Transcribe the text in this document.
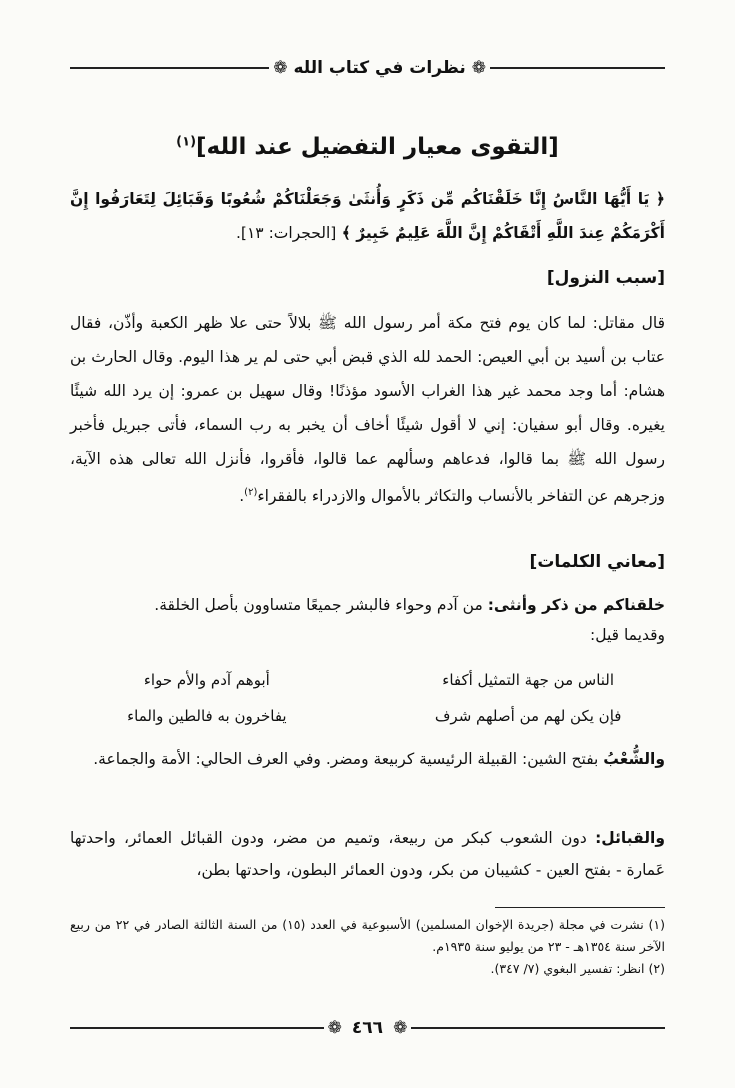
❁
نظرات في كتاب الله
❁
[التقوى معيار التفضيل عند الله]$^{(١)}$
﴿ يَا أَيُّهَا النَّاسُ إِنَّا خَلَقْنَاكُم مِّن ذَكَرٍ وَأُنثَىٰ وَجَعَلْنَاكُمْ شُعُوبًا وَقَبَائِلَ لِتَعَارَفُوا إِنَّ أَكْرَمَكُمْ عِندَ اللَّهِ أَتْقَاكُمْ إِنَّ اللَّهَ عَلِيمٌ خَبِيرٌ ﴾ [الحجرات: ١٣].
[سبب النزول]
قال مقاتل: لما كان يوم فتح مكة أمر رسول الله ﷺ بلالاً حتى علا ظهر الكعبة وأذّن، فقال عتاب بن أسيد بن أبي العيص: الحمد لله الذي قبض أبي حتى لم ير هذا اليوم. وقال الحارث بن هشام: أما وجد محمد غير هذا الغراب الأسود مؤذنًا! وقال سهيل بن عمرو: إن يرد الله شيئًا يغيره. وقال أبو سفيان: إني لا أقول شيئًا أخاف أن يخبر به رب السماء، فأتى جبريل فأخبر رسول الله ﷺ بما قالوا، فدعاهم وسألهم عما قالوا، فأقروا، فأنزل الله تعالى هذه الآية، وزجرهم عن التفاخر بالأنساب والتكاثر بالأموال والازدراء بالفقراء$^{(٢)}$.
[معاني الكلمات]
خلقناكم من ذكر وأنثى: من آدم وحواء فالبشر جميعًا متساوون بأصل الخلقة.
وقديما قيل:
الناس من جهة التمثيل أكفاء
أبوهم آدم والأم حواء
فإن يكن لهم من أصلهم شرف
يفاخرون به فالطين والماء
والشُّعْبُ بفتح الشين: القبيلة الرئيسية كربيعة ومضر. وفي العرف الحالي: الأمة والجماعة.
والقبائل: دون الشعوب كبكر من ربيعة، وتميم من مضر، ودون القبائل العمائر، واحدتها عَمارة - بفتح العين - كشيبان من بكر، ودون العمائر البطون، واحدتها بطن،

(١) نشرت في مجلة (جريدة الإخوان المسلمين) الأسبوعية في العدد (١٥) من السنة الثالثة الصادر في ٢٢ من ربيع الآخر سنة ١٣٥٤هـ - ٢٣ من يوليو سنة ١٩٣٥م.

(٢) انظر: تفسير البغوي (٧/ ٣٤٧).

❁
٤٦٦
❁
